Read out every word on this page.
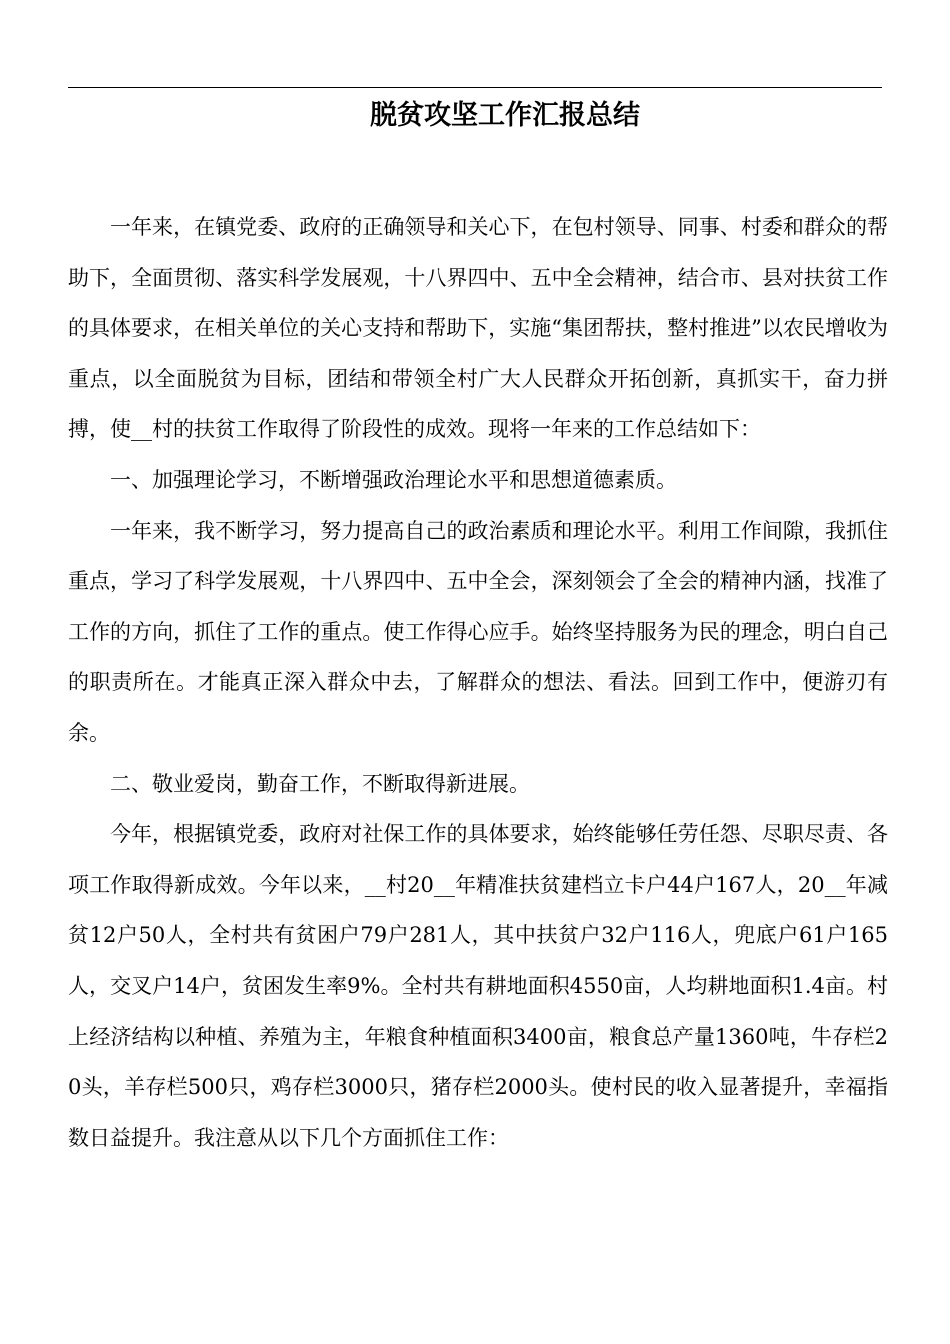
脱贫攻坚工作汇报总结

一年来，在镇党委、政府的正确领导和关心下，在包村领导、同事、村委和群众的帮助下，全面贯彻、落实科学发展观，十八界四中、五中全会精神，结合市、县对扶贫工作的具体要求，在相关单位的关心支持和帮助下，实施“集团帮扶，整村推进”以农民增收为重点，以全面脱贫为目标，团结和带领全村广大人民群众开拓创新，真抓实干，奋力拼搏，使__村的扶贫工作取得了阶段性的成效。现将一年来的工作总结如下：

一、加强理论学习，不断增强政治理论水平和思想道德素质。

一年来，我不断学习，努力提高自己的政治素质和理论水平。利用工作间隙，我抓住重点，学习了科学发展观，十八界四中、五中全会，深刻领会了全会的精神内涵，找准了工作的方向，抓住了工作的重点。使工作得心应手。始终坚持服务为民的理念，明白自己的职责所在。才能真正深入群众中去，了解群众的想法、看法。回到工作中，便游刃有余。

二、敬业爱岗，勤奋工作，不断取得新进展。

今年，根据镇党委，政府对社保工作的具体要求，始终能够任劳任怨、尽职尽责、各项工作取得新成效。今年以来，__村20__年精准扶贫建档立卡户44户167人，20__年减贫12户50人，全村共有贫困户79户281人，其中扶贫户32户116人，兜底户61户165人，交叉户14户，贫困发生率9%。全村共有耕地面积4550亩，人均耕地面积1.4亩。村上经济结构以种植、养殖为主，年粮食种植面积3400亩，粮食总产量1360吨，牛存栏20头，羊存栏500只，鸡存栏3000只，猪存栏2000头。使村民的收入显著提升，幸福指数日益提升。我注意从以下几个方面抓住工作：
